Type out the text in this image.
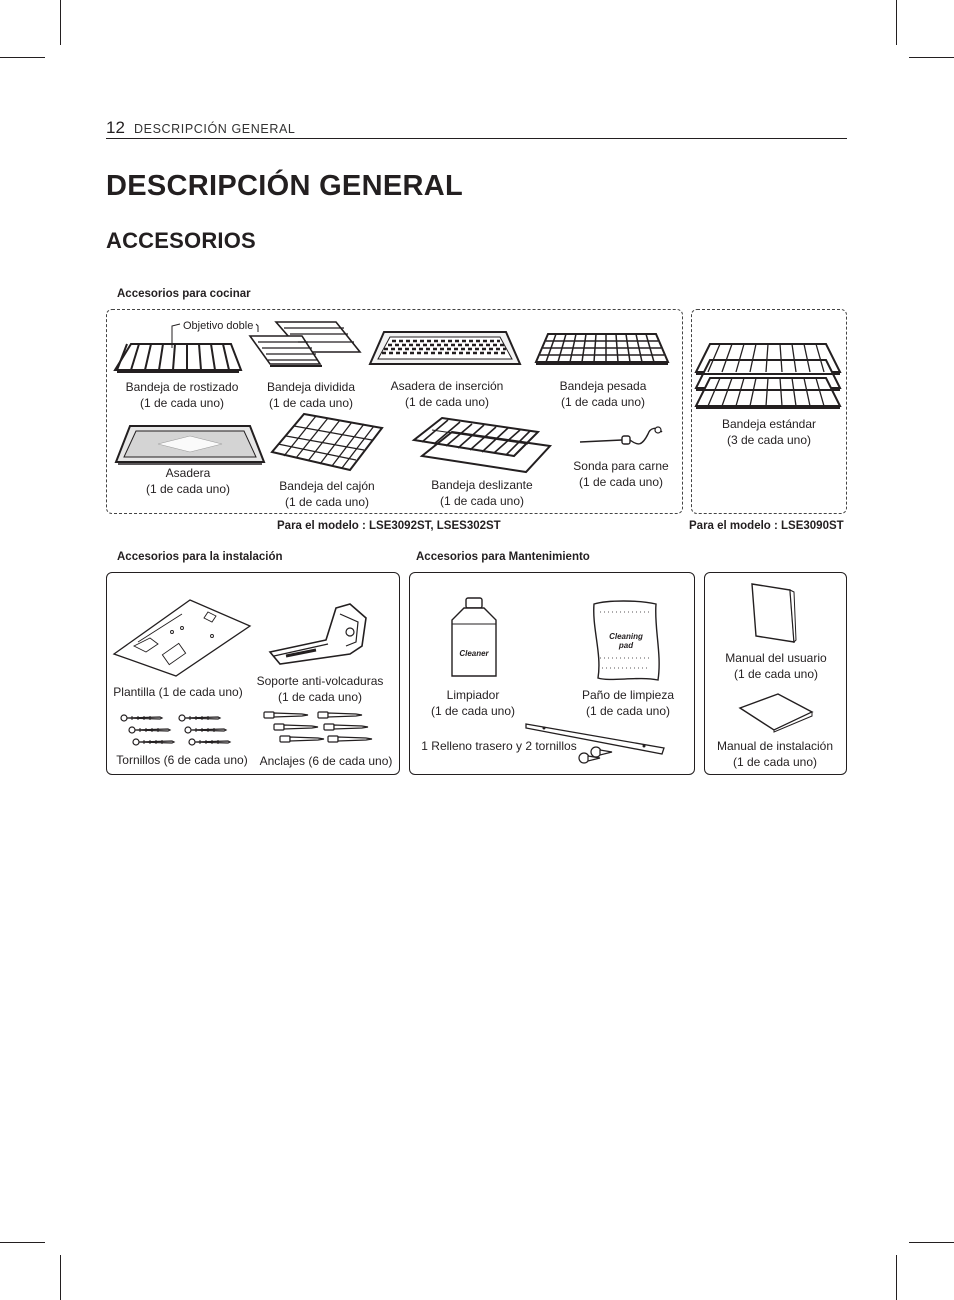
12 DESCRIPCIÓN GENERAL
DESCRIPCIÓN GENERAL
ACCESORIOS
Accesorios para cocinar
Objetivo doble
Bandeja de rostizado
(1 de cada uno)
Bandeja dividida
(1 de cada uno)
Asadera de inserción
(1 de cada uno)
Bandeja pesada
(1 de cada uno)
Asadera
(1 de cada uno)	Bandeja del cajón
(1 de cada uno)
Bandeja deslizante
(1 de cada uno)
Sonda para carne
(1 de cada uno)
Bandeja estándar
(3 de cada uno)
Para el modelo : LSE3092ST, LSES302ST	Para el modelo : LSE3090ST
Accesorios para la instalación
Plantilla (1 de cada uno)
Soporte anti-volcaduras
(1 de cada uno)
Tornillos (6 de cada uno) Anclajes (6 de cada uno)
Accesorios para Mantenimiento
Cleaner
Limpiador
(1 de cada uno)
Cleaning
pad
Paño de limpieza
(1 de cada uno)
1 Relleno trasero y 2 tornillos
Manual del usuario
(1 de cada uno)
Manual de instalación
(1 de cada uno)
